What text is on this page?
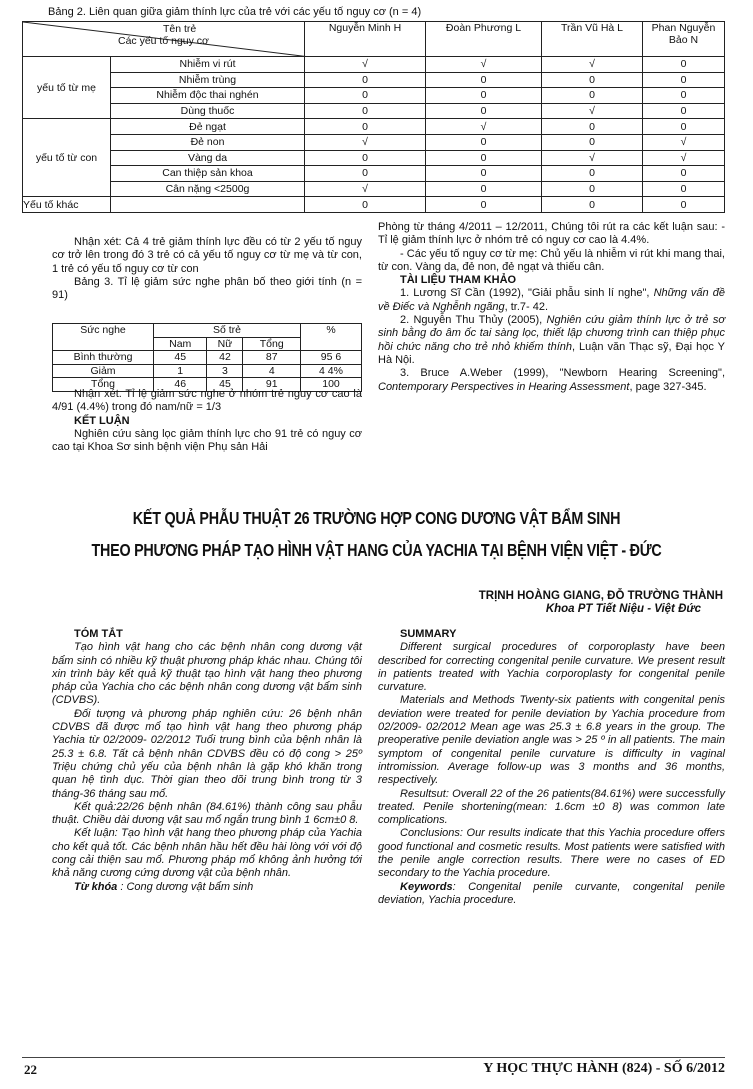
Bảng 2. Liên quan giữa giảm thính lực của trẻ với các yếu tố nguy cơ (n = 4)
Tên trẻ
Các yếu tố nguy cơ		Nguyễn Minh H	Đoàn Phương L	Trần Vũ Hà L	Phan Nguyễn Bảo N
yếu tố từ mẹ	Nhiễm vi rút	√	√	√	0
	Nhiễm trùng	0	0	0	0
	Nhiễm độc thai nghén	0	0	0	0
	Dùng thuốc	0	0	√	0
yếu tố từ con	Đẻ ngạt	0	√	0	0
	Đẻ non	√	0	0	√
	Vàng da	0	0	√	√
	Can thiệp sản khoa	0	0	0	0
	Cân nặng <2500g	√	0	0	0
Yếu tố khác		0	0	0	0

Nhận xét: Cả 4 trẻ giảm thính lực đều có từ 2 yếu tố nguy cơ trở lên trong đó 3 trẻ có cả yếu tố nguy cơ từ mẹ và từ con, 1 trẻ có yếu tố nguy cơ từ con

Bảng 3. Tỉ lệ giảm sức nghe phân bố theo giới tính (n = 91)

Sức nghe	Số trẻ			%
	Nam	Nữ	Tổng	
Bình thường	45	42	87	95 6
Giảm	1	3	4	4 4%
Tổng	46	45	91	100

Nhận xét. Tỉ lệ giảm sức nghe ở nhóm trẻ nguy cơ cao là 4/91 (4.4%) trong đó nam/nữ = 1/3

KẾT LUẬN

Nghiên cứu sàng lọc giảm thính lực cho 91 trẻ có nguy cơ cao tại Khoa Sơ sinh bệnh viện Phụ sản Hải

Phòng từ tháng 4/2011 – 12/2011, Chúng tôi rút ra các kết luận sau: - Tỉ lệ giảm thính lực ở nhóm trẻ có nguy cơ cao là 4.4%.

- Các yếu tố nguy cơ từ mẹ: Chủ yếu là nhiễm vi rút khi mang thai, từ con. Vàng da, đẻ non, đẻ ngạt và thiếu cân.

TÀI LIỆU THAM KHẢO

1. Lương Sĩ Cần (1992), "Giải phẫu sinh lí nghe", Những vấn đề về Điếc và Nghễnh ngãng, tr.7- 42.

2. Nguyễn Thu Thủy (2005), Nghiên cứu giảm thính lực ở trẻ sơ sinh bằng đo âm ốc tai sàng lọc, thiết lập chương trình can thiệp phục hồi chức năng cho trẻ nhỏ khiếm thính, Luận văn Thạc sỹ, Đại học Y Hà Nội.

3. Bruce A.Weber (1999), "Newborn Hearing Screening", Contemporary Perspectives in Hearing Assessment, page 327-345.

KẾT QUẢ PHẪU THUẬT 26 TRƯỜNG HỢP CONG DƯƠNG VẬT BẨM SINH
THEO PHƯƠNG PHÁP TẠO HÌNH VẬT HANG CỦA YACHIA TẠI BỆNH VIỆN VIỆT - ĐỨC
TRỊNH HOÀNG GIANG, ĐỖ TRƯỜNG THÀNH
Khoa PT Tiết Niệu - Việt Đức
TÓM TẮT

Tạo hình vật hang cho các bệnh nhân cong dương vật bẩm sinh có nhiều kỹ thuật phương pháp khác nhau. Chúng tôi xin trình bày kết quả kỹ thuật tạo hình vật hang theo phương pháp của Yachia cho các bệnh nhân cong dương vật bẩm sinh (CDVBS).

Đối tượng và phương pháp nghiên cứu: 26 bệnh nhân CDVBS đã được mổ tạo hình vật hang theo phương pháp Yachia từ 02/2009- 02/2012 Tuổi trung bình của bệnh nhân là 25.3 ± 6.8. Tất cả bệnh nhân CDVBS đều có độ cong > 25º Triệu chứng chủ yếu của bệnh nhân là gặp khó khăn trong quan hệ tình dục. Thời gian theo dõi trung bình trong từ 3 tháng-36 tháng sau mổ.

Kết quả:22/26 bệnh nhân (84.61%) thành công sau phẫu thuật. Chiều dài dương vật sau mổ ngắn trung bình 1 6cm±0 8.

Kết luận: Tạo hình vật hang theo phương pháp của Yachia cho kết quả tốt. Các bệnh nhân hầu hết đều hài lòng với với độ cong cải thiện sau mổ. Phương pháp mổ không ảnh hưởng tới khả năng cương cứng dương vật của bệnh nhân.

Từ khóa : Cong dương vật bẩm sinh

SUMMARY

Different surgical procedures of corporoplasty have been described for correcting congenital penile curvature. We present result in patients treated with Yachia corporoplasty for congenital penile curvature.

Materials and Methods Twenty-six patients with congenital penis deviation were treated for penile deviation by Yachia procedure from 02/2009- 02/2012 Mean age was 25.3 ± 6.8 years in the group. The preoperative penile deviation angle was > 25 º in all patients. The main symptom of congenital penile curvature is difficulty in vaginal intromission. Average follow-up was 3 months and 36 months, respectively.

Resultsut: Overall 22 of the 26 patients(84.61%) were successfully treated. Penile shortening(mean: 1.6cm ±0 8) was common late complications.

Conclusions: Our results indicate that this Yachia procedure offers good functional and cosmetic results. Most patients were satisfied with the penile angle correction results. There were no cases of ED secondary to the Yachia procedure.

Keywords: Congenital penile curvante, congenital penile deviation, Yachia procedure.

22	Y HỌC THỰC HÀNH (824) - SỐ 6/2012
